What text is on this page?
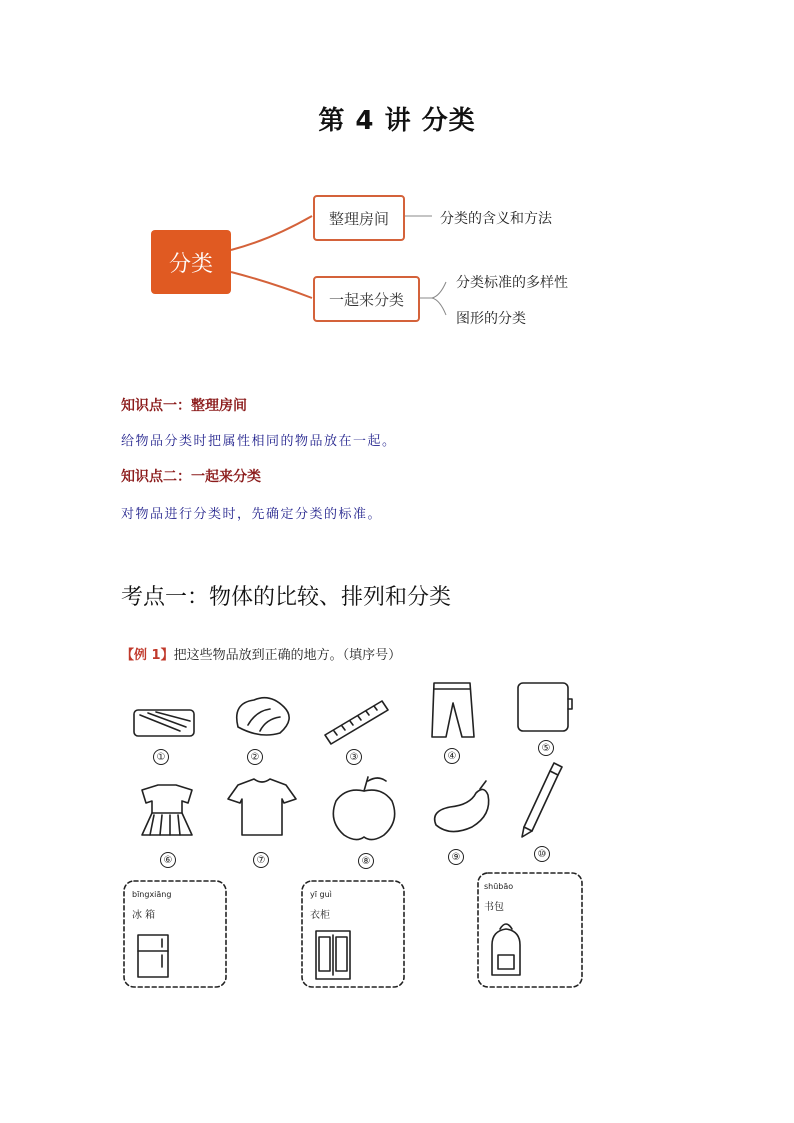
第 4 讲 分类
分类
整理房间
一起来分类
分类的含义和方法
分类标准的多样性
图形的分类
知识点一：整理房间
给物品分类时把属性相同的物品放在一起。
知识点二：一起来分类
对物品进行分类时，先确定分类的标准。
考点一：物体的比较、排列和分类
【例 1】把这些物品放到正确的地方。（填序号）
①	②	③	④
⑤
⑥	⑦	⑧	⑨	⑩
bīngxiāng
冰 箱
yī guì
衣柜
shūbāo
书包
